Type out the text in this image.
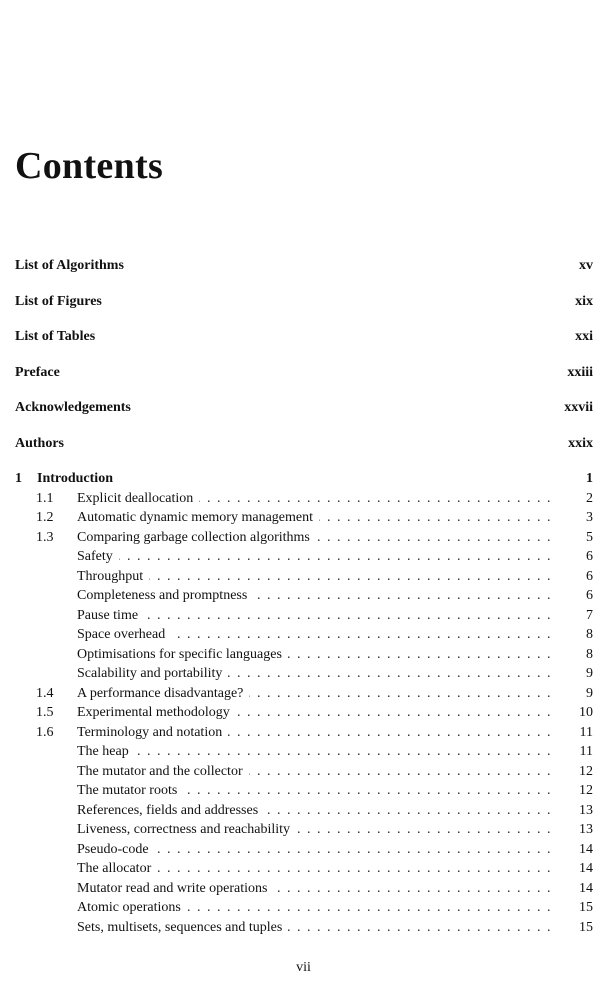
Contents
List of Algorithms	xv
List of Figures	xix
List of Tables	xxi
Preface	xxiii
Acknowledgements	xxvii
Authors	xxix
1	Introduction	1
1.1	Explicit deallocation . . .	2
1.2	Automatic dynamic memory management . . .	3
1.3	Comparing garbage collection algorithms . . .	5
Safety . . .	6
Throughput . . .	6
Completeness and promptness . . .	6
Pause time . . .	7
Space overhead . . .	8
Optimisations for specific languages . . .	8
Scalability and portability . . .	9
1.4	A performance disadvantage? . . .	9
1.5	Experimental methodology . . .	10
1.6	Terminology and notation . . .	11
The heap . . .	11
The mutator and the collector . . .	12
The mutator roots . . .	12
References, fields and addresses . . .	13
Liveness, correctness and reachability . . .	13
Pseudo-code . . .	14
The allocator . . .	14
Mutator read and write operations . . .	14
Atomic operations . . .	15
Sets, multisets, sequences and tuples . . .	15
vii
